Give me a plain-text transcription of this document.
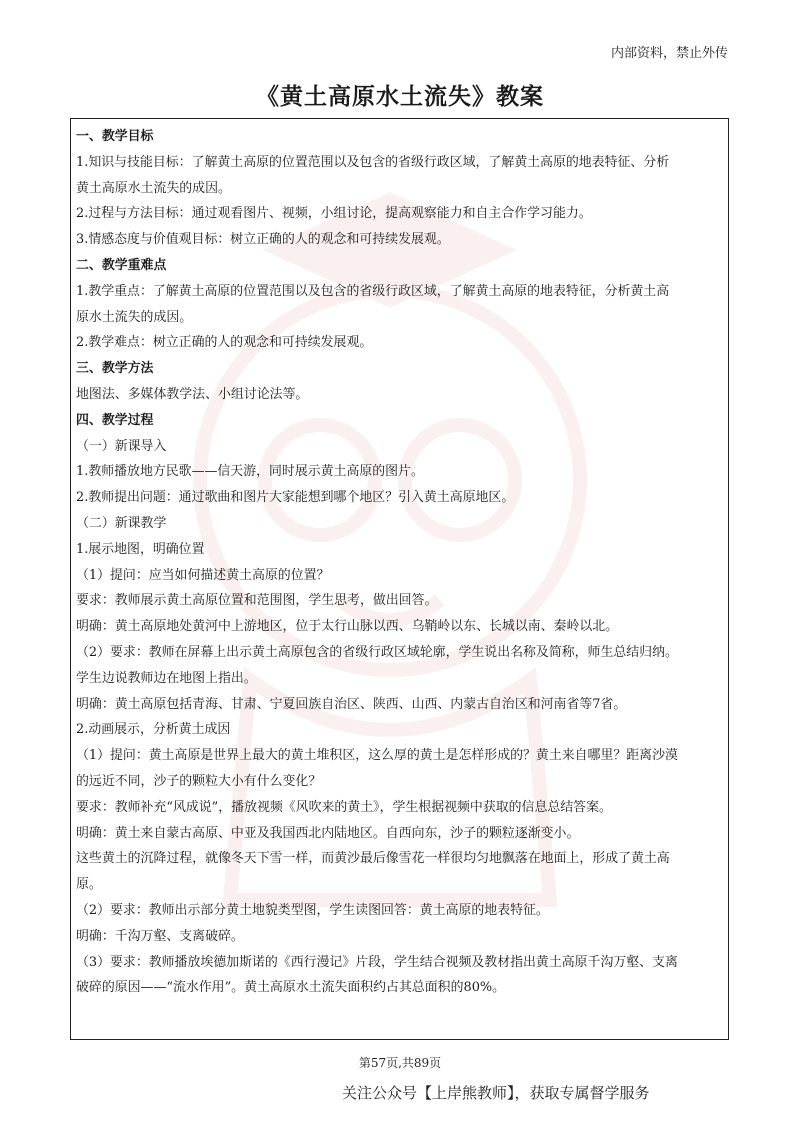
内部资料，禁止外传
《黄土高原水土流失》教案
一、教学目标
1.知识与技能目标：了解黄土高原的位置范围以及包含的省级行政区域，了解黄土高原的地表特征、分析
黄土高原水土流失的成因。
2.过程与方法目标：通过观看图片、视频，小组讨论，提高观察能力和自主合作学习能力。
3.情感态度与价值观目标：树立正确的人的观念和可持续发展观。
二、教学重难点
1.教学重点：了解黄土高原的位置范围以及包含的省级行政区域，了解黄土高原的地表特征，分析黄土高
原水土流失的成因。
2.教学难点：树立正确的人的观念和可持续发展观。
三、教学方法
地图法、多媒体教学法、小组讨论法等。
四、教学过程
（一）新课导入
1.教师播放地方民歌——信天游，同时展示黄土高原的图片。
2.教师提出问题：通过歌曲和图片大家能想到哪个地区？引入黄土高原地区。
（二）新课教学
1.展示地图，明确位置
（1）提问：应当如何描述黄土高原的位置？
要求：教师展示黄土高原位置和范围图，学生思考，做出回答。
明确：黄土高原地处黄河中上游地区，位于太行山脉以西、乌鞘岭以东、长城以南、秦岭以北。
（2）要求：教师在屏幕上出示黄土高原包含的省级行政区域轮廓，学生说出名称及简称，师生总结归纳。
学生边说教师边在地图上指出。
明确：黄土高原包括青海、甘肃、宁夏回族自治区、陕西、山西、内蒙古自治区和河南省等7省。
2.动画展示，分析黄土成因
（1）提问：黄土高原是世界上最大的黄土堆积区，这么厚的黄土是怎样形成的？黄土来自哪里？距离沙漠
的远近不同，沙子的颗粒大小有什么变化？
要求：教师补充“风成说”，播放视频《风吹来的黄土》，学生根据视频中获取的信息总结答案。
明确：黄土来自蒙古高原、中亚及我国西北内陆地区。自西向东，沙子的颗粒逐渐变小。
这些黄土的沉降过程，就像冬天下雪一样，而黄沙最后像雪花一样很均匀地飘落在地面上，形成了黄土高
原。
（2）要求：教师出示部分黄土地貌类型图，学生读图回答：黄土高原的地表特征。
明确：千沟万壑、支离破碎。
（3）要求：教师播放埃德加斯诺的《西行漫记》片段，学生结合视频及教材指出黄土高原千沟万壑、支离
破碎的原因——“流水作用”。黄土高原水土流失面积约占其总面积的80%。
第57页,共89页
关注公众号【上岸熊教师】，获取专属督学服务
